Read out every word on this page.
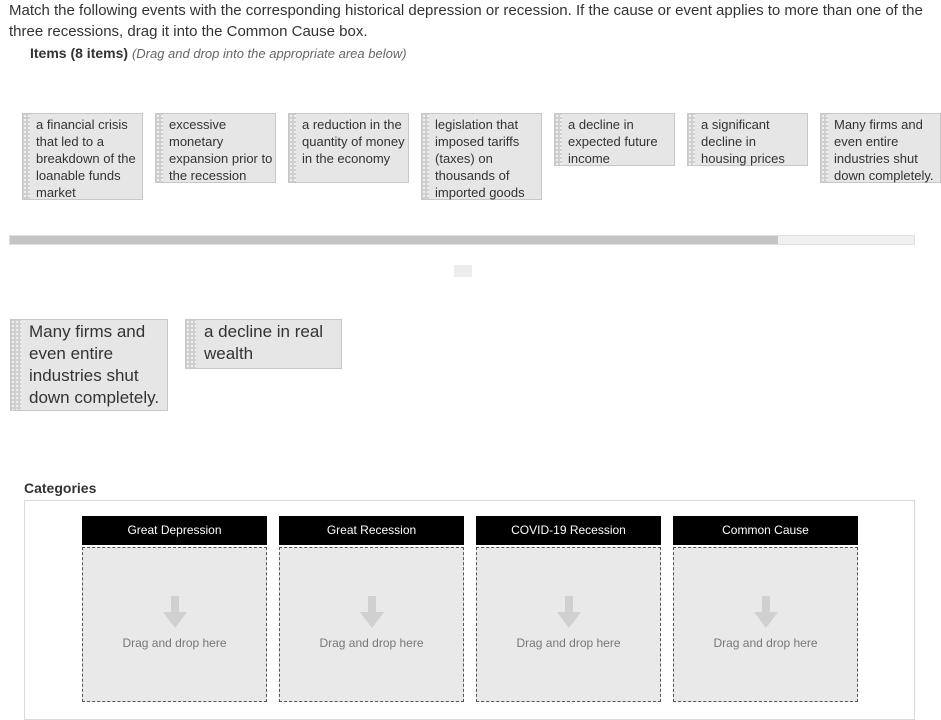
Match the following events with the corresponding historical depression or recession. If the cause or event applies to more than one of the three recessions, drag it into the Common Cause box.
Items (8 items) (Drag and drop into the appropriate area below)
a financial crisis that led to a breakdown of the loanable funds market
excessive monetary expansion prior to the recession
a reduction in the quantity of money in the economy
legislation that imposed tariffs (taxes) on thousands of imported goods
a decline in expected future income
a significant decline in housing prices
Many firms and even entire industries shut down completely.
Many firms and even entire industries shut down completely.
a decline in real wealth
Categories
Great Depression
Drag and drop here
Great Recession
Drag and drop here
COVID-19 Recession
Drag and drop here
Common Cause
Drag and drop here
